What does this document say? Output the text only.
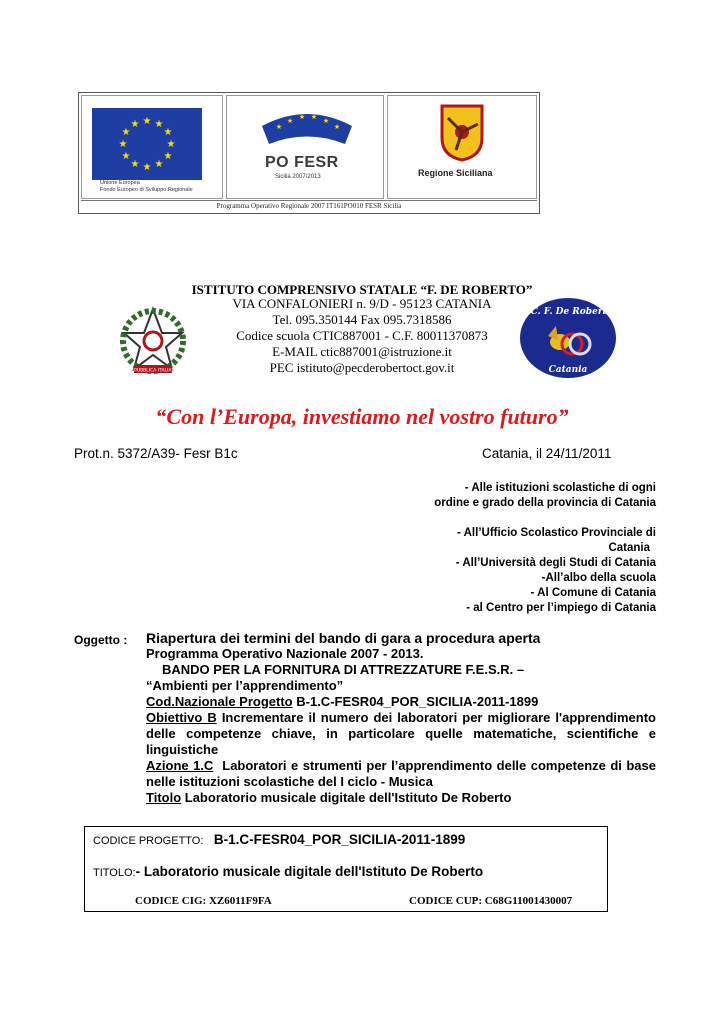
★ ★
★
★
★
★
★
★
★
★
★
★
Unione Europea
Fondo Europeo di Sviluppo Regionale
★
★ ★ ★ ★
★
PO FESR
Sicilia 2007/2013	Regione Siciliana
Programma Operativo Regionale 2007 IT161PO010 FESR Sicilia
REPUBBLICA ITALIANA
ISTITUTO COMPRENSIVO STATALE “F. DE ROBERTO”
VIA CONFALONIERI n. 9/D - 95123 CATANIA
Tel. 095.350144 Fax 095.7318586
Codice scuola CTIC887001 - C.F. 80011370873
E-MAIL ctic887001@istruzione.it
PEC istituto@pecderobertoct.gov.it
I.C. F. De Roberto
Catania
“Con l’Europa, investiamo nel vostro futuro”
Prot.n. 5372/A39- Fesr B1c	Catania, il 24/11/2011
- Alle istituzioni scolastiche di ogni
ordine e grado della provincia di Catania
- All’Ufficio Scolastico Provinciale di
Catania
- All’Università degli Studi di Catania
-All’albo della scuola
- Al Comune di Catania
- al Centro per l’impiego di Catania
Oggetto : Riapertura dei termini del bando di gara a procedura aperta

Programma Operativo Nazionale 2007 - 2013.

BANDO PER LA FORNITURA DI ATTREZZATURE F.E.S.R. –

“Ambienti per l’apprendimento”

Cod.Nazionale Progetto B-1.C-FESR04_POR_SICILIA-2011-1899

Obiettivo B Incrementare il numero dei laboratori per migliorare l'apprendimento delle competenze chiave, in particolare quelle matematiche, scientifiche e linguistiche

Azione 1.C Laboratori e strumenti per l’apprendimento delle competenze di base nelle istituzioni scolastiche del I ciclo - Musica

Titolo Laboratorio musicale digitale dell'Istituto De Roberto

CODICE PROGETTO: B-1.C-FESR04_POR_SICILIA-2011-1899
TITOLO:- Laboratorio musicale digitale dell'Istituto De Roberto
CODICE CIG: XZ6011F9FA	CODICE CUP: C68G11001430007
